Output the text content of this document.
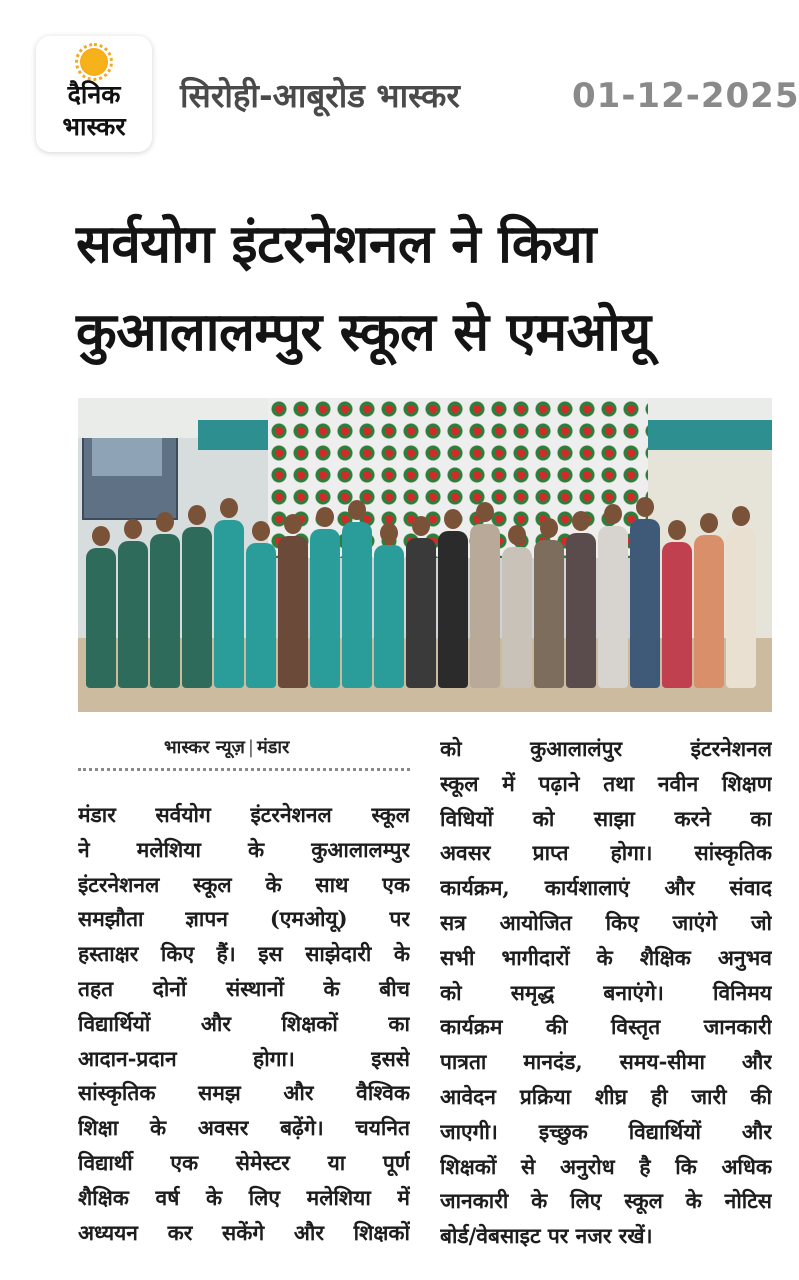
दैनिक
भास्कर
सिरोही-आबूरोड भास्कर	01-12-2025
सर्वयोग इंटरनेशनल ने किया
कुआलालम्पुर स्कूल से एमओयू
भास्कर न्यूज़ | मंडार
मंडार सर्वयोग इंटरनेशनल स्कूल
ने मलेशिया के कुआलालम्पुर
इंटरनेशनल स्कूल के साथ एक
समझौता ज्ञापन (एमओयू) पर
हस्ताक्षर किए हैं। इस साझेदारी के
तहत दोनों संस्थानों के बीच
विद्यार्थियों और शिक्षकों का
आदान-प्रदान होगा। इससे
सांस्कृतिक समझ और वैश्विक
शिक्षा के अवसर बढ़ेंगे। चयनित
विद्यार्थी एक सेमेस्टर या पूर्ण
शैक्षिक वर्ष के लिए मलेशिया में
अध्ययन कर सकेंगे और शिक्षकों
को कुआलालंपुर इंटरनेशनल
स्कूल में पढ़ाने तथा नवीन शिक्षण
विधियों को साझा करने का
अवसर प्राप्त होगा। सांस्कृतिक
कार्यक्रम, कार्यशालाएं और संवाद
सत्र आयोजित किए जाएंगे जो
सभी भागीदारों के शैक्षिक अनुभव
को समृद्ध बनाएंगे। विनिमय
कार्यक्रम की विस्तृत जानकारी
पात्रता मानदंड, समय-सीमा और
आवेदन प्रक्रिया शीघ्र ही जारी की
जाएगी। इच्छुक विद्यार्थियों और
शिक्षकों से अनुरोध है कि अधिक
जानकारी के लिए स्कूल के नोटिस
बोर्ड/वेबसाइट पर नजर रखें।
